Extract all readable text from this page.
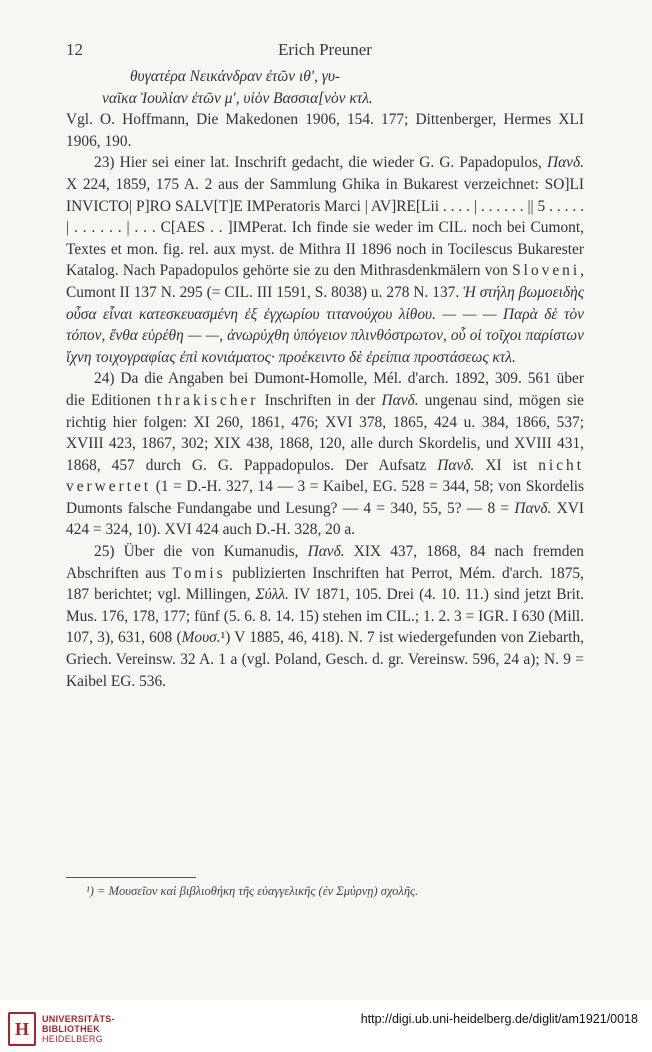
12	Erich Preuner

θυγατέρα Νεικάνδραν ἐτῶν ιθ', γυ-
ναῖκα Ἰουλίαν ἐτῶν μ', υἱὸν Βασσια[νὸν κτλ.

Vgl. O. Hoffmann, Die Makedonen 1906, 154. 177; Dittenberger, Hermes XLI 1906, 190.

23) Hier sei einer lat. Inschrift gedacht, die wieder G. G. Papadopulos, Πανδ. X 224, 1859, 175 A. 2 aus der Sammlung Ghika in Bukarest verzeichnet: SO]LI INVICTO| P]RO SALV[T]E IMPeratoris Marci | AV]RE[Lii . . . . | . . . . . . || 5 . . . . . | . . . . . . | . . . C[AES . . ]IMPerat. Ich finde sie weder im CIL. noch bei Cumont, Textes et mon. fig. rel. aux myst. de Mithra II 1896 noch in Tocilescus Bukarester Katalog. Nach Papadopulos gehörte sie zu den Mithrasdenkmälern von Sloveni, Cumont II 137 N. 295 (= CIL. III 1591, S. 8038) u. 278 N. 137. Ἡ στήλη βωμοειδὴς οὖσα εἶναι κατεσκευασμένη ἐξ ἐγχωρίου τιτανούχου λίθου. — — — Παρὰ δὲ τὸν τόπον, ἔνθα εὑρέθη — —, ἀνωρύχθη ὑπόγειον πλινθόστρωτον, οὗ οἱ τοῖχοι παρίστων ἴχνη τοιχογραφίας ἐπὶ κονιάματος· προέκειντο δὲ ἐρείπια προστάσεως κτλ.

24) Da die Angaben bei Dumont-Homolle, Mél. d'arch. 1892, 309. 561 über die Editionen thrakischer Inschriften in der Πανδ. ungenau sind, mögen sie richtig hier folgen: XI 260, 1861, 476; XVI 378, 1865, 424 u. 384, 1866, 537; XVIII 423, 1867, 302; XIX 438, 1868, 120, alle durch Skordelis, und XVIII 431, 1868, 457 durch G. G. Pappadopulos. Der Aufsatz Πανδ. XI ist nicht verwertet (1 = D.-H. 327, 14 — 3 = Kaibel, EG. 528 = 344, 58; von Skordelis Dumonts falsche Fundangabe und Lesung? — 4 = 340, 55, 5? — 8 = Πανδ. XVI 424 = 324, 10). XVI 424 auch D.-H. 328, 20 a.

25) Über die von Kumanudis, Πανδ. XIX 437, 1868, 84 nach fremden Abschriften aus Tomis publizierten Inschriften hat Perrot, Mém. d'arch. 1875, 187 berichtet; vgl. Millingen, Σύλλ. IV 1871, 105. Drei (4. 10. 11.) sind jetzt Brit. Mus. 176, 178, 177; fünf (5. 6. 8. 14. 15) stehen im CIL.; 1. 2. 3 = IGR. I 630 (Mill. 107, 3), 631, 608 (Μουσ.¹) V 1885, 46, 418). N. 7 ist wiedergefunden von Ziebarth, Griech. Vereinsw. 32 A. 1 a (vgl. Poland, Gesch. d. gr. Vereinsw. 596, 24 a); N. 9 = Kaibel EG. 536.

¹) = Μουσεῖον καὶ βιβλιοθήκη τῆς εὐαγγελικῆς (ἐν Σμύρνῃ) σχολῆς.
H	UNIVERSITÄTS-
BIBLIOTHEK
HEIDELBERG
http://digi.ub.uni-heidelberg.de/diglit/am1921/0018
